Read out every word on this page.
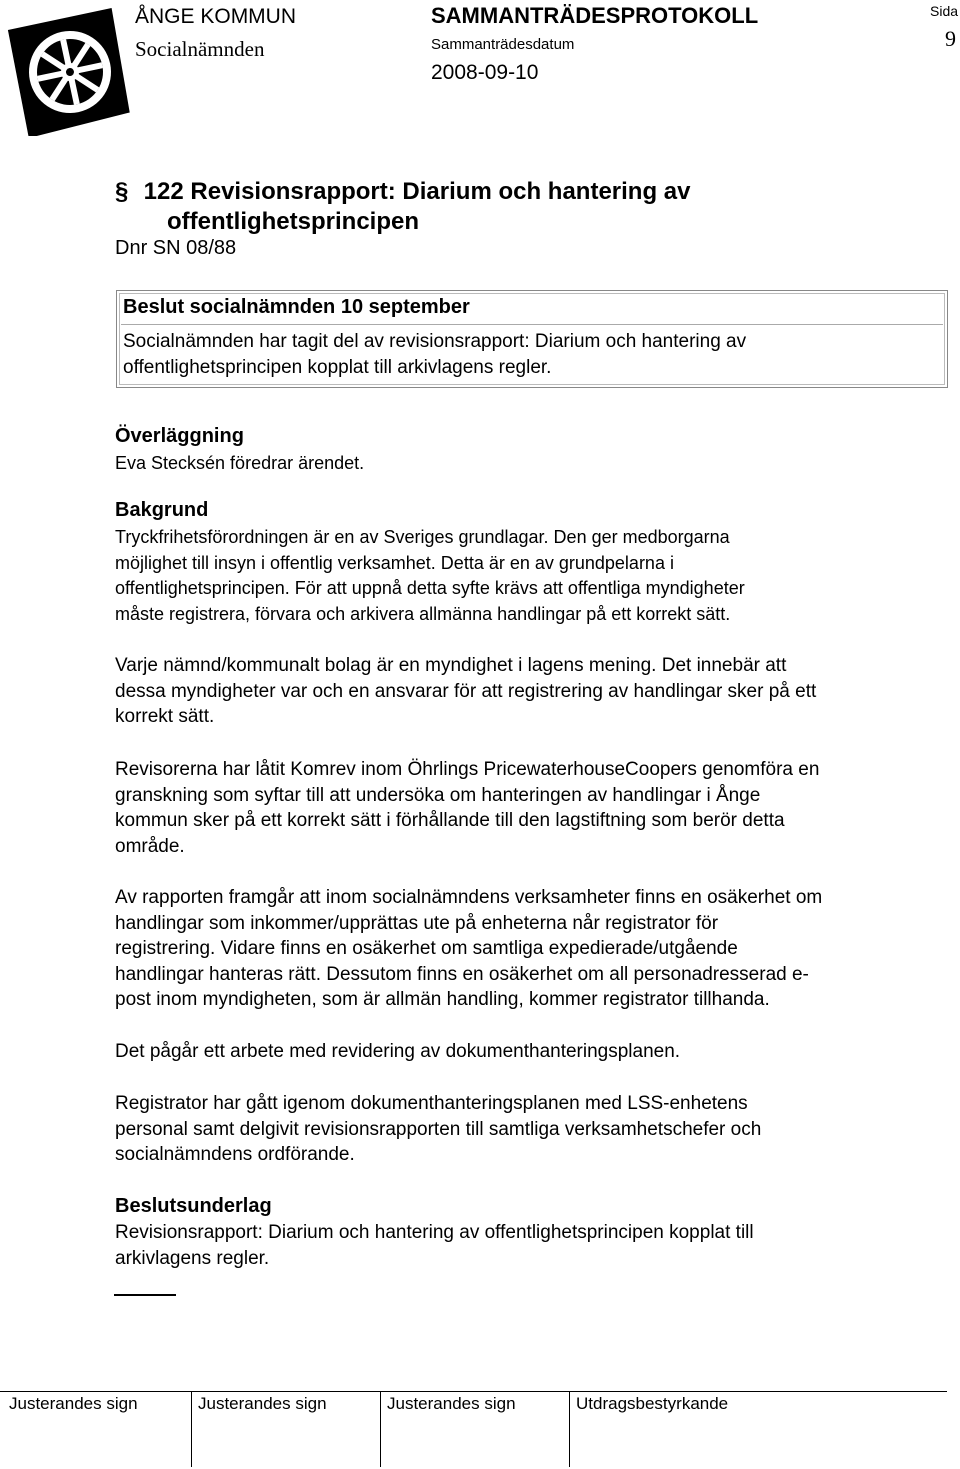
ÅNGE KOMMUN
Socialnämnden
SAMMANTRÄDESPROTOKOLL
Sammanträdesdatum
2008-09-10
Sida
9
§ 122 Revisionsrapport: Diarium och hantering av
offentlighetsprincipen
Dnr SN 08/88
Beslut socialnämnden 10 september
Socialnämnden har tagit del av revisionsrapport: Diarium och hantering av
offentlighetsprincipen kopplat till arkivlagens regler.
Överläggning
Eva Stecksén föredrar ärendet.
Bakgrund
Tryckfrihetsförordningen är en av Sveriges grundlagar. Den ger medborgarna
möjlighet till insyn i offentlig verksamhet. Detta är en av grundpelarna i
offentlighetsprincipen. För att uppnå detta syfte krävs att offentliga myndigheter
måste registrera, förvara och arkivera allmänna handlingar på ett korrekt sätt.
Varje nämnd/kommunalt bolag är en myndighet i lagens mening. Det innebär att
dessa myndigheter var och en ansvarar för att registrering av handlingar sker på ett
korrekt sätt.
Revisorerna har låtit Komrev inom Öhrlings PricewaterhouseCoopers genomföra en
granskning som syftar till att undersöka om hanteringen av handlingar i Ånge
kommun sker på ett korrekt sätt i förhållande till den lagstiftning som berör detta
område.
Av rapporten framgår att inom socialnämndens verksamheter finns en osäkerhet om
handlingar som inkommer/upprättas ute på enheterna når registrator för
registrering. Vidare finns en osäkerhet om samtliga expedierade/utgående
handlingar hanteras rätt. Dessutom finns en osäkerhet om all personadresserad e-
post inom myndigheten, som är allmän handling, kommer registrator tillhanda.
Det pågår ett arbete med revidering av dokumenthanteringsplanen.
Registrator har gått igenom dokumenthanteringsplanen med LSS-enhetens
personal samt delgivit revisionsrapporten till samtliga verksamhetschefer och
socialnämndens ordförande.
Beslutsunderlag
Revisionsrapport: Diarium och hantering av offentlighetsprincipen kopplat till
arkivlagens regler.
Justerandes sign	Justerandes sign	Justerandes sign	Utdragsbestyrkande
